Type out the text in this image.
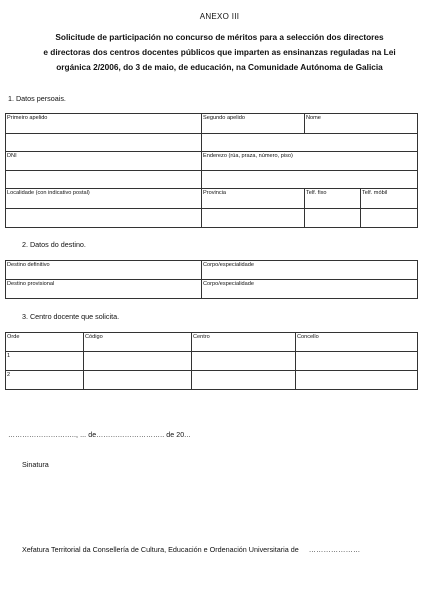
ANEXO III
Solicitude de participación no concurso de méritos para a selección dos directores
e directoras dos centros docentes públicos que imparten as ensinanzas reguladas na Lei
orgánica 2/2006, do 3 de maio, de educación, na Comunidade Autónoma de Galicia
1. Datos persoais.
Primeiro apelido	Segundo apelido	Nome	

DNI	Enderezo (rúa, praza, número, piso)		

Localidade (con indicativo postal)	Provincia	Telf. fixo	Telf. móbil

2. Datos do destino.
Destino definitivo	Corpo/especialidade
Destino provisional	Corpo/especialidade
3. Centro docente que solicita.
Orde	Código	Centro	Concello
1			
2			
……………………….., ... de……………………….. de 20...
Sinatura
Xefatura Territorial da Consellería de Cultura, Educación e Ordenación Universitaria de …………………
